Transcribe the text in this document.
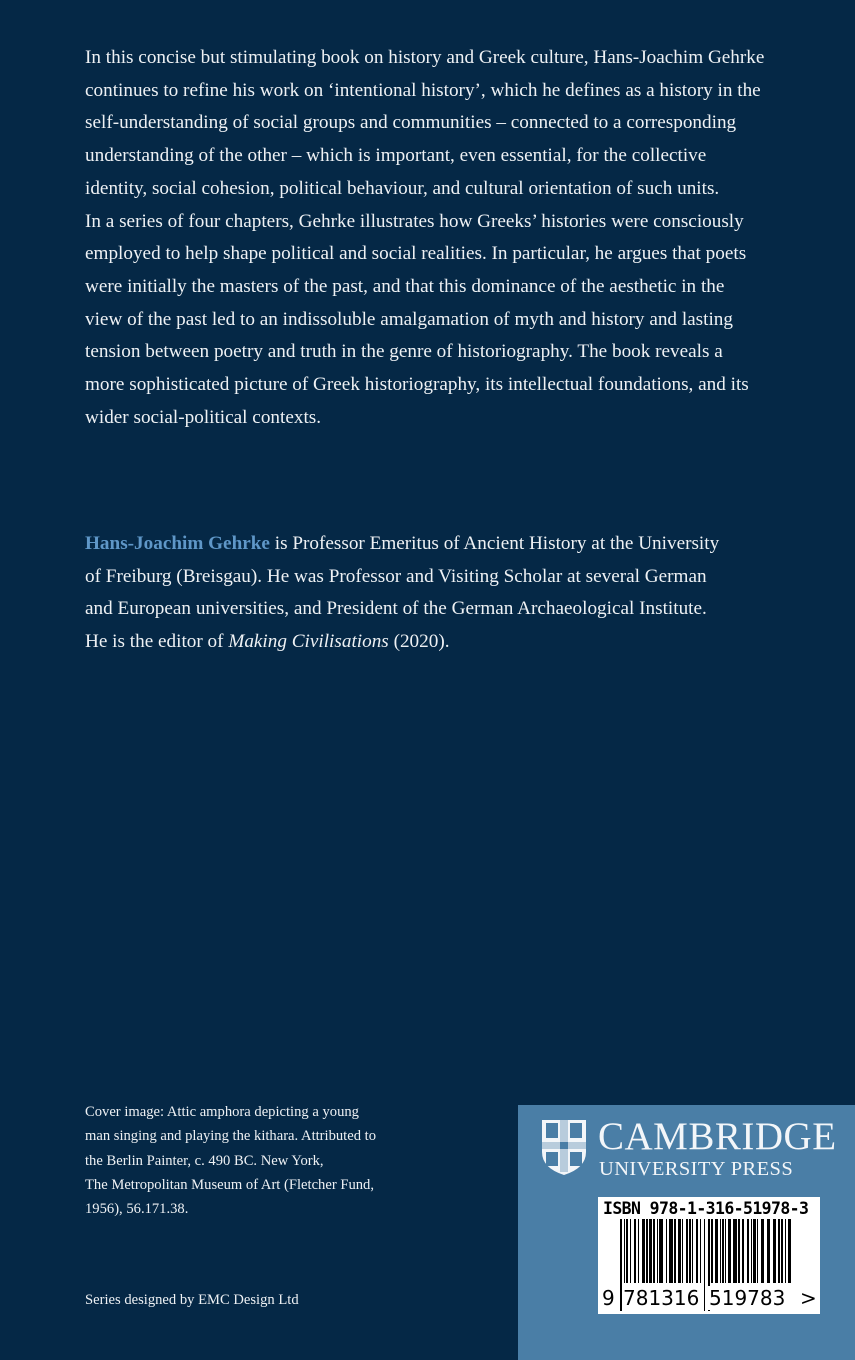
In this concise but stimulating book on history and Greek culture, Hans-Joachim Gehrke
continues to refine his work on ‘intentional history’, which he defines as a history in the
self-understanding of social groups and communities – connected to a corresponding
understanding of the other – which is important, even essential, for the collective
identity, social cohesion, political behaviour, and cultural orientation of such units.
In a series of four chapters, Gehrke illustrates how Greeks’ histories were consciously
employed to help shape political and social realities. In particular, he argues that poets
were initially the masters of the past, and that this dominance of the aesthetic in the
view of the past led to an indissoluble amalgamation of myth and history and lasting
tension between poetry and truth in the genre of historiography. The book reveals a
more sophisticated picture of Greek historiography, its intellectual foundations, and its
wider social-political contexts.
Hans-Joachim Gehrke is Professor Emeritus of Ancient History at the University
of Freiburg (Breisgau). He was Professor and Visiting Scholar at several German
and European universities, and President of the German Archaeological Institute.
He is the editor of Making Civilisations (2020).
Cover image: Attic amphora depicting a young
man singing and playing the kithara. Attributed to
the Berlin Painter, c. 490 BC. New York,
The Metropolitan Museum of Art (Fletcher Fund,
1956), 56.171.38.
Series designed by EMC Design Ltd
CAMBRIDGE
UNIVERSITY PRESS
ISBN 978-1-316-51978-3
9 781316 519783 >
